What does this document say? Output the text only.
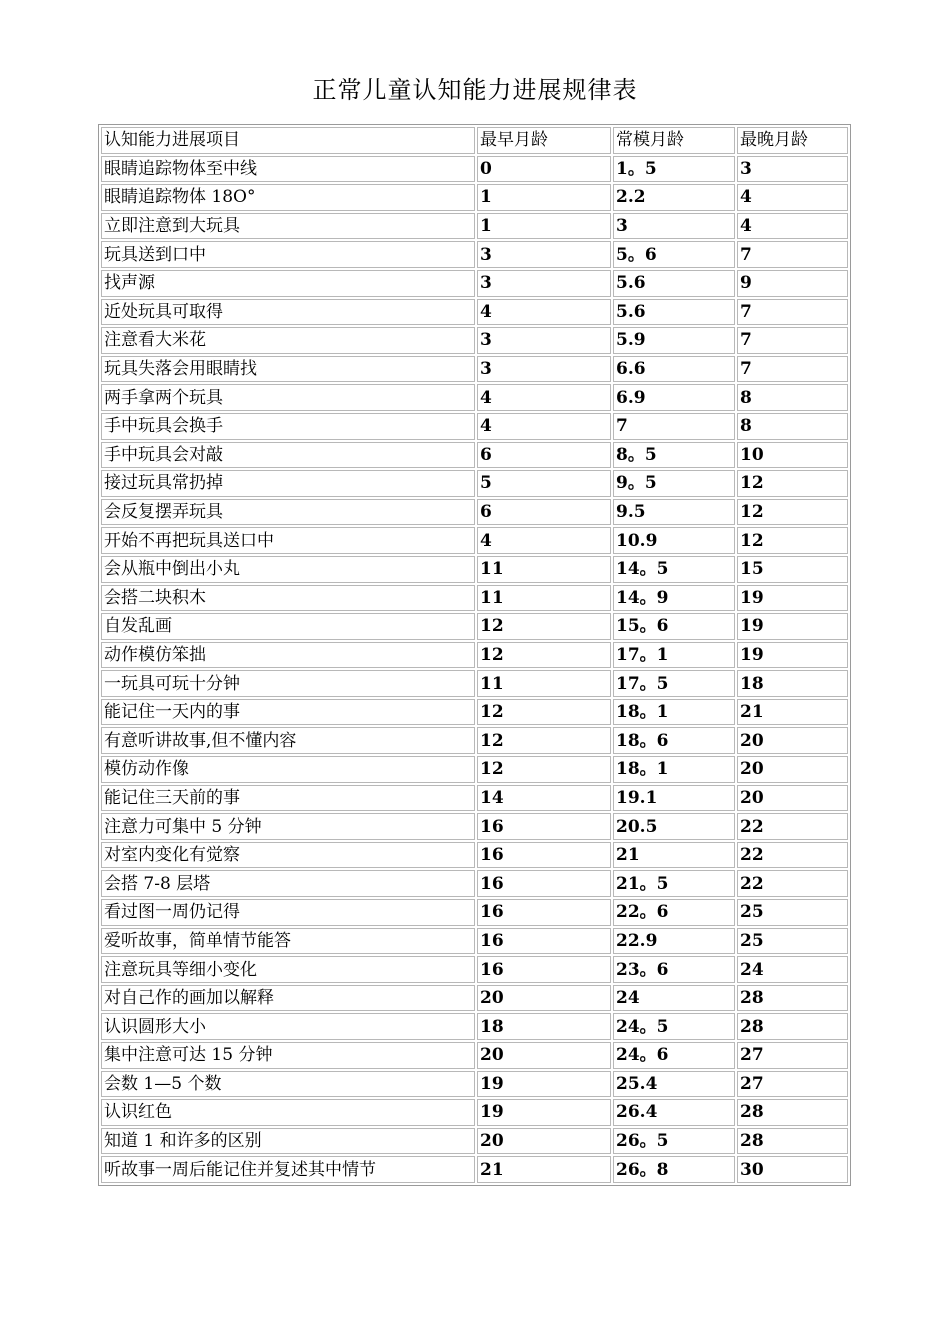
正常儿童认知能力进展规律表
认知能力进展项目	最早月龄	常模月龄	最晚月龄
眼睛追踪物体至中线	0	1。5	3
眼睛追踪物体 18O°	1	2.2	4
立即注意到大玩具	1	3	4
玩具送到口中	3	5。6	7
找声源	3	5.6	9
近处玩具可取得	4	5.6	7
注意看大米花	3	5.9	7
玩具失落会用眼睛找	3	6.6	7
两手拿两个玩具	4	6.9	8
手中玩具会换手	4	7	8
手中玩具会对敲	6	8。5	10
接过玩具常扔掉	5	9。5	12
会反复摆弄玩具	6	9.5	12
开始不再把玩具送口中	4	10.9	12
会从瓶中倒出小丸	11	14。5	15
会搭二块积木	11	14。9	19
自发乱画	12	15。6	19
动作模仿笨拙	12	17。1	19
一玩具可玩十分钟	11	17。5	18
能记住一天内的事	12	18。1	21
有意听讲故事,但不懂内容	12	18。6	20
模仿动作像	12	18。1	20
能记住三天前的事	14	19.1	20
注意力可集中 5 分钟	16	20.5	22
对室内变化有觉察	16	21	22
会搭 7-8 层塔	16	21。5	22
看过图一周仍记得	16	22。6	25
爱听故事，简单情节能答	16	22.9	25
注意玩具等细小变化	16	23。6	24
对自己作的画加以解释	20	24	28
认识圆形大小	18	24。5	28
集中注意可达 15 分钟	20	24。6	27
会数 1—5 个数	19	25.4	27
认识红色	19	26.4	28
知道 1 和许多的区别	20	26。5	28
听故事一周后能记住并复述其中情节	21	26。8	30
